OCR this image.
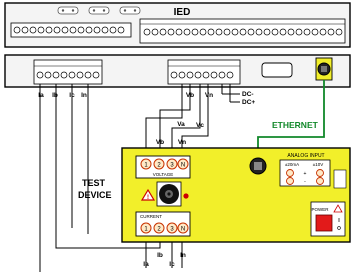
IED
Ia Ib Ic In
Va
Vb
Vc
Vn	DC-
DC+
ETHERNET
Vb Vn
1 2 3 N
VOLTAGE
!
CURRENT
1 2 3 N
ANALOG INPUT
±20mA	±10V
+
-
POWER
TEST
DEVICE
Ia
Ib
Ic
In
